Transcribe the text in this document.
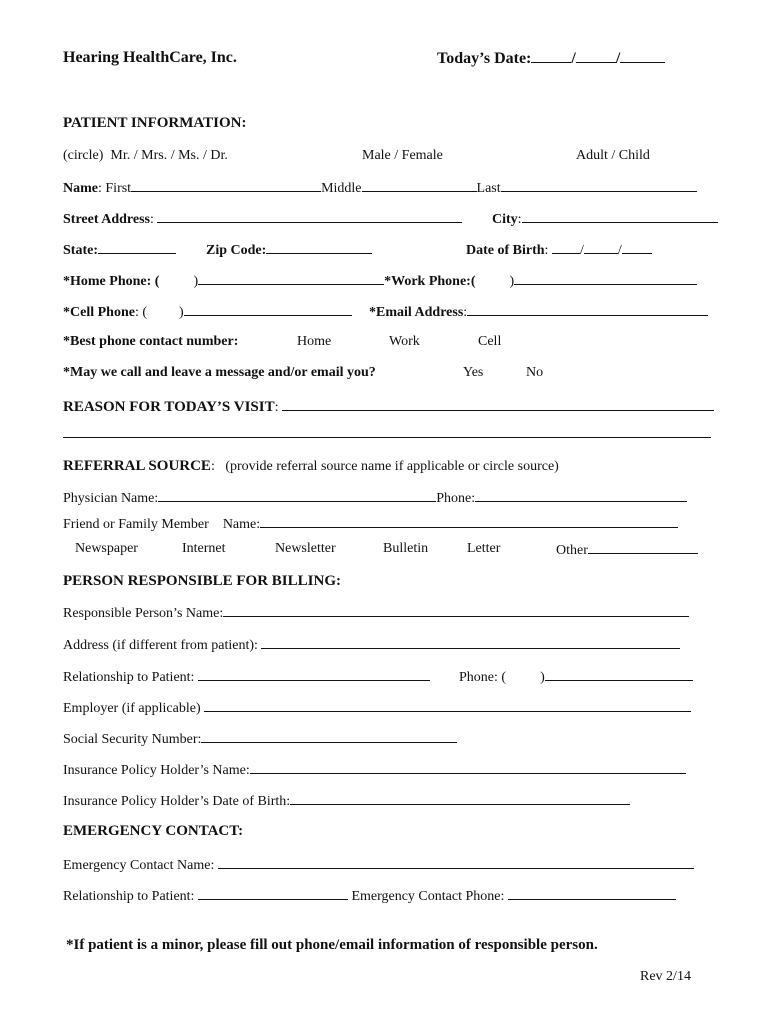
Hearing HealthCare, Inc.	Today’s Date:	/	/
PATIENT INFORMATION:
(circle) Mr. / Mrs. / Ms. / Dr.	Male / Female	Adult / Child
Name: First	Middle	Last
Street Address:	City:
State:	Zip Code:	Date of Birth: / /
*Home Phone: ( )	*Work Phone:( )
*Cell Phone: ( )	*Email Address:
*Best phone contact number:	Home	Work	Cell
*May we call and leave a message and/or email you?	Yes	No
REASON FOR TODAY’S VISIT:
REFERRAL SOURCE: (provide referral source name if applicable or circle source)
Physician Name:	Phone:
Friend or Family Member Name:
Newspaper	Internet	Newsletter	Bulletin	Letter	Other
PERSON RESPONSIBLE FOR BILLING:
Responsible Person’s Name:
Address (if different from patient):
Relationship to Patient:	Phone: ( )
Employer (if applicable)
Social Security Number:
Insurance Policy Holder’s Name:
Insurance Policy Holder’s Date of Birth:
EMERGENCY CONTACT:
Emergency Contact Name:
Relationship to Patient:	Emergency Contact Phone:
*If patient is a minor, please fill out phone/email information of responsible person.
Rev 2/14
